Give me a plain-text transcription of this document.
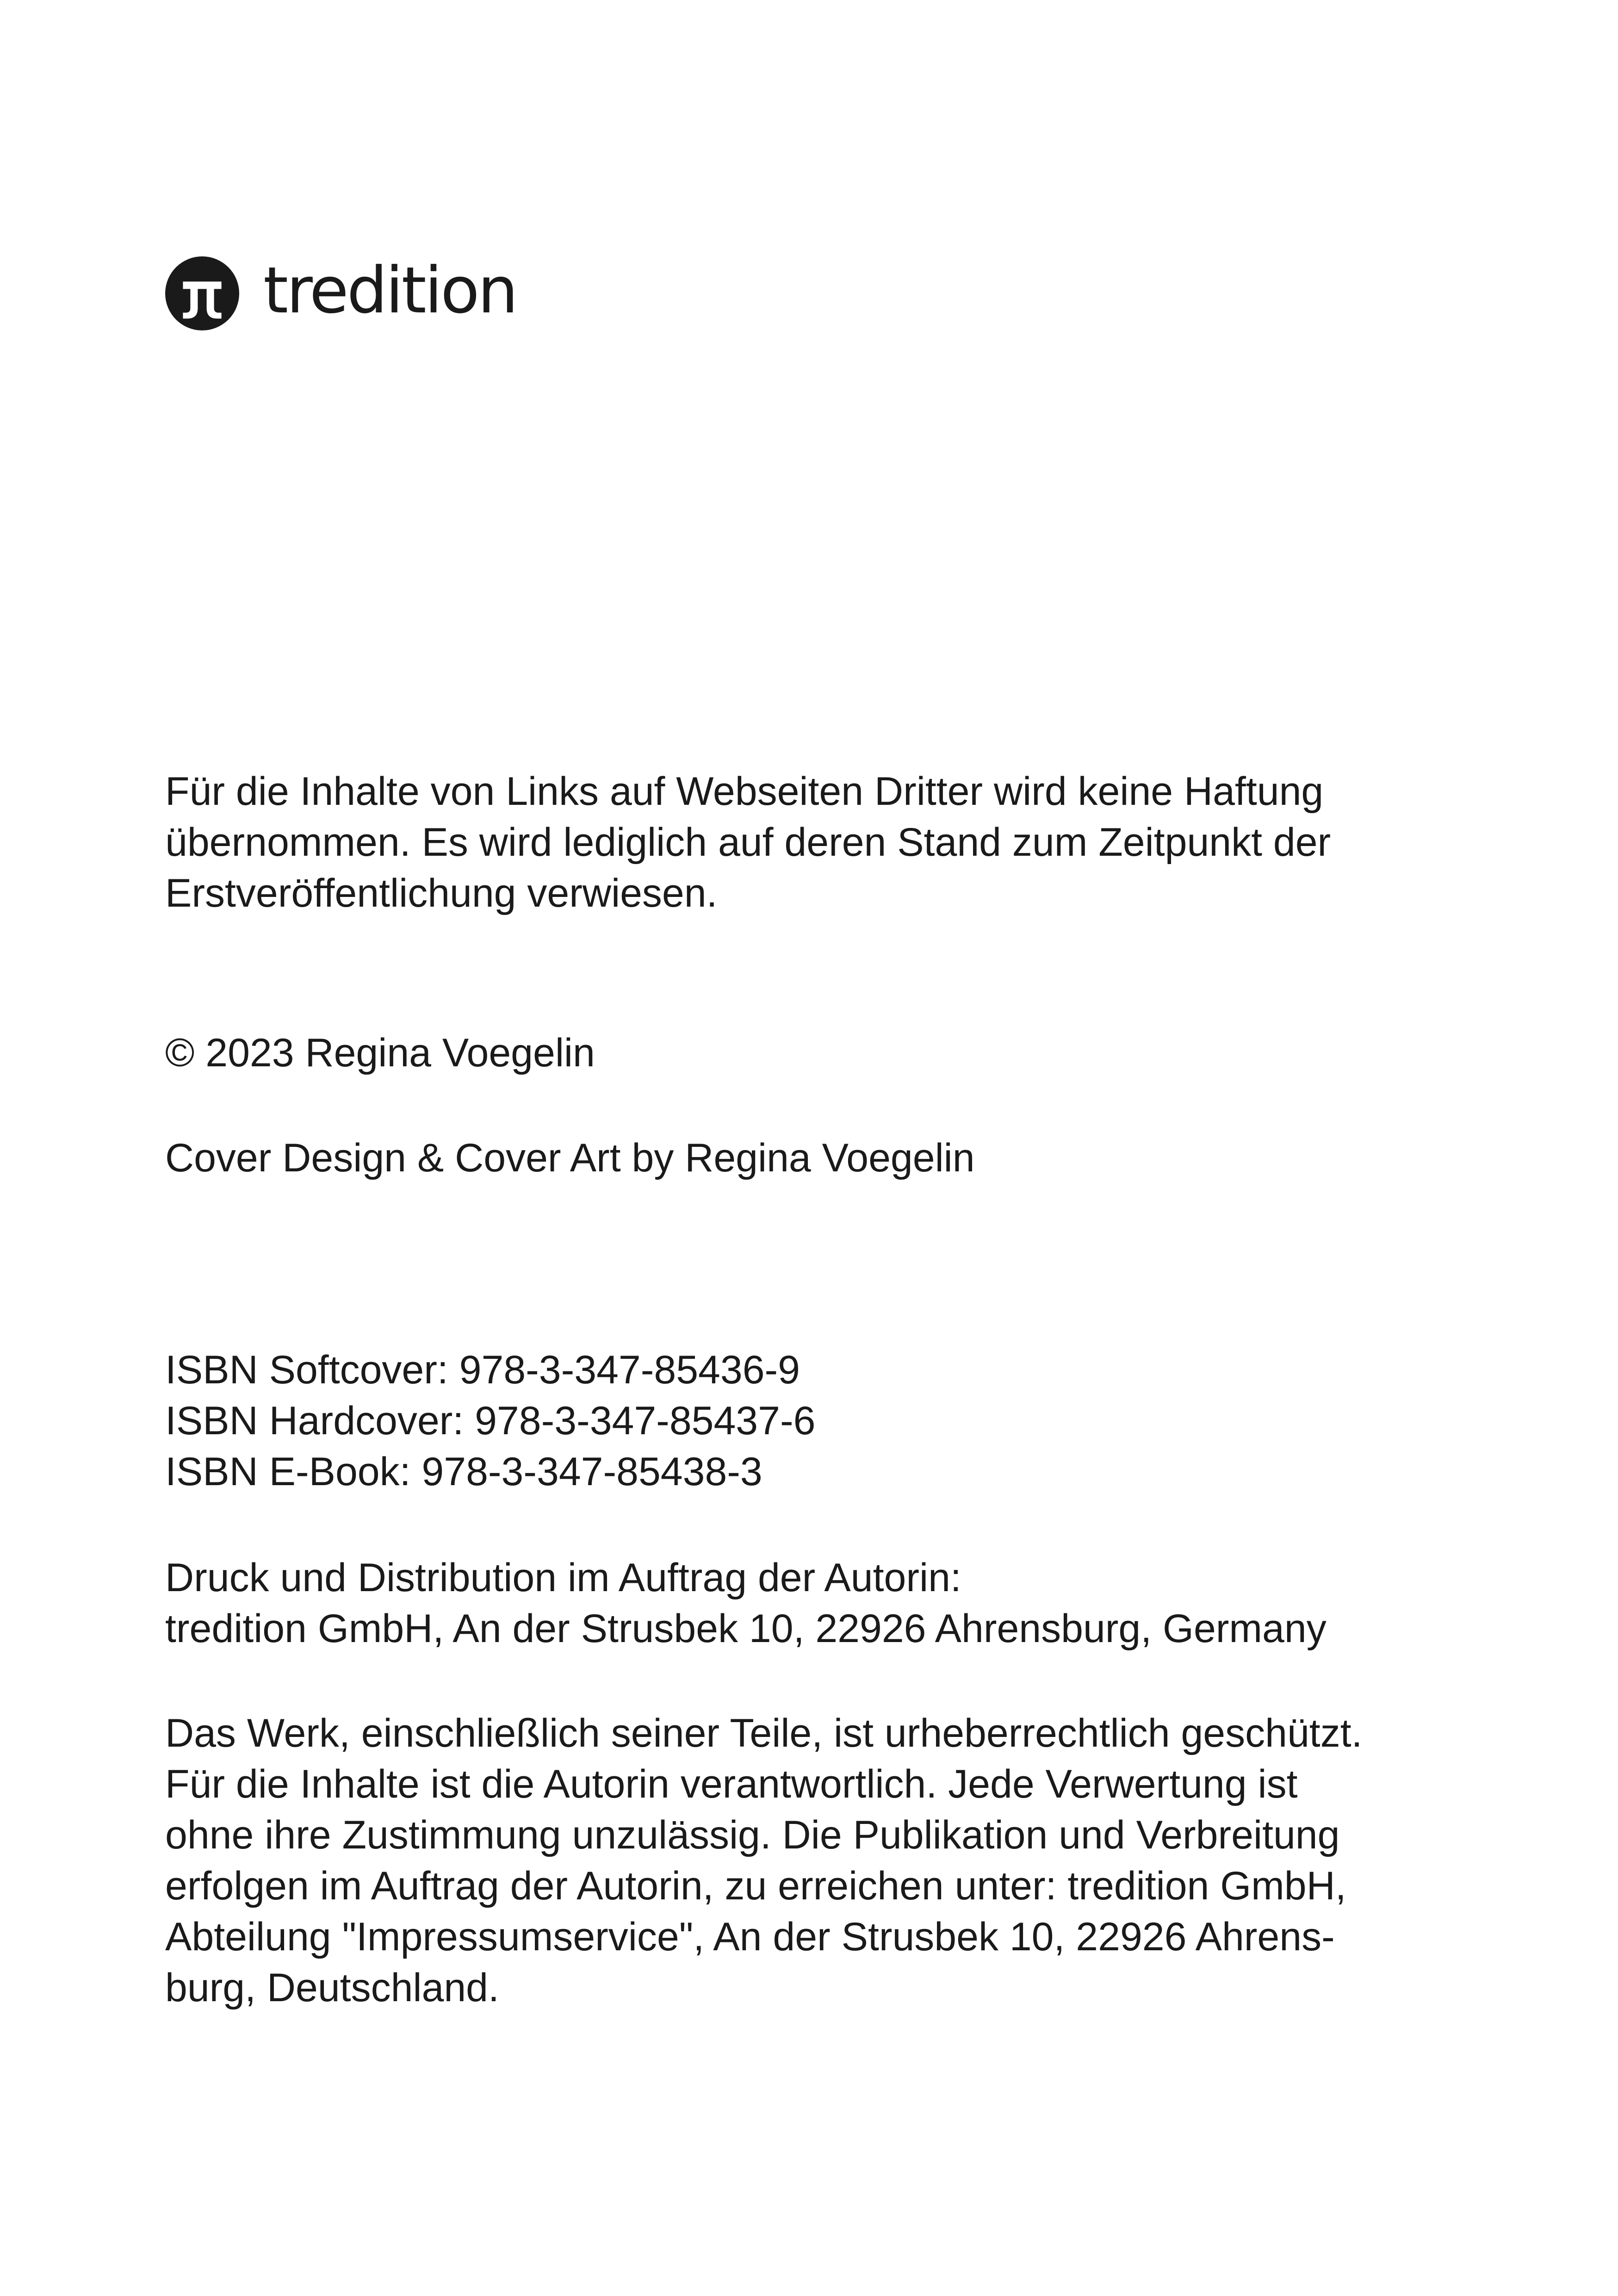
tredition
Für die Inhalte von Links auf Webseiten Dritter wird keine Haftung
übernommen. Es wird lediglich auf deren Stand zum Zeitpunkt der
Erstveröffentlichung verwiesen.
© 2023 Regina Voegelin
Cover Design & Cover Art by Regina Voegelin
ISBN Softcover: 978-3-347-85436-9
ISBN Hardcover: 978-3-347-85437-6
ISBN E-Book: 978-3-347-85438-3
Druck und Distribution im Auftrag der Autorin:
tredition GmbH, An der Strusbek 10, 22926 Ahrensburg, Germany
Das Werk, einschließlich seiner Teile, ist urheberrechtlich geschützt.
Für die Inhalte ist die Autorin verantwortlich. Jede Verwertung ist
ohne ihre Zustimmung unzulässig. Die Publikation und Verbreitung
erfolgen im Auftrag der Autorin, zu erreichen unter: tredition GmbH,
Abteilung "Impressumservice", An der Strusbek 10, 22926 Ahrens-
burg, Deutschland.
